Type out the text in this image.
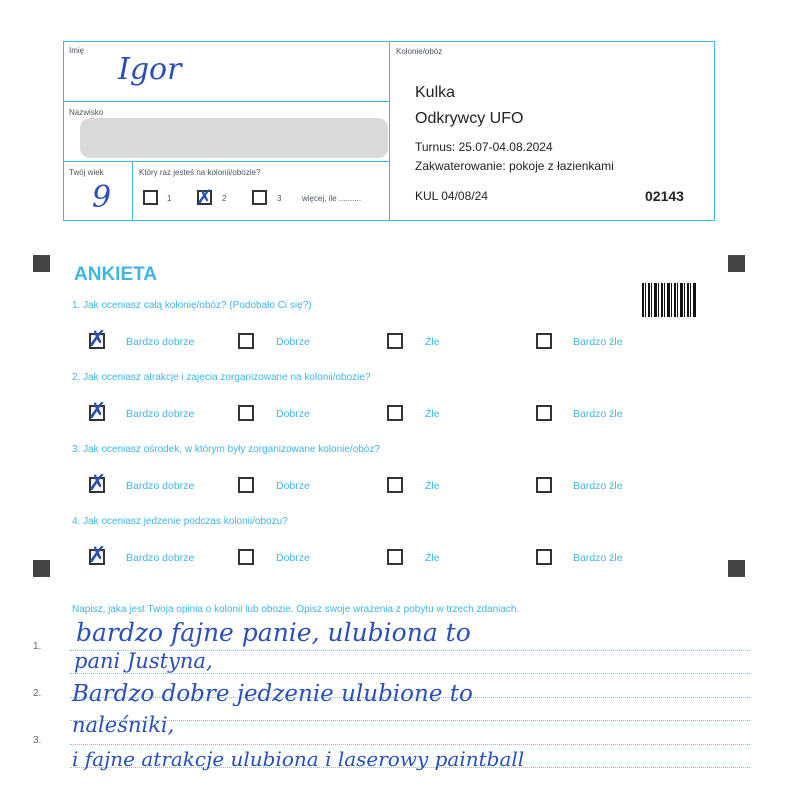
Imię
Igor
Nazwisko
Twój wiek
9
Który raz jesteś na kolonii/obozie?
1 ✗ 2	3	więcej, ile ..........
Kolonie/obóz
Kulka
Odkrywcy UFO
Turnus: 25.07-04.08.2024
Zakwaterowanie: pokoje z łazienkami
KUL 04/08/24	02143
ANKIETA
1. Jak oceniasz całą kolonię/obóz? (Podobało Ci się?)
✗ Bardzo dobrze	Dobrze	Źle	Bardzo źle
2. Jak oceniasz atrakcje i zajęcia zorganizowane na kolonii/obozie?
✗ Bardzo dobrze	Dobrze	Źle	Bardzo źle
3. Jak oceniasz ośrodek, w którym były zorganizowane kolonie/obóz?
✗ Bardzo dobrze	Dobrze	Źle	Bardzo źle
4. Jak oceniasz jedzenie podczas kolonii/obozu?
✗ Bardzo dobrze	Dobrze	Źle	Bardzo źle
Napisz, jaka jest Twoja opinia o kolonii lub obozie. Opisz swoje wrażenia z pobytu w trzech zdaniach.
1.
2.
3.
bardzo fajne panie, ulubiona to
pani Justyna,
Bardzo dobre jedzenie ulubione to
naleśniki,
i fajne atrakcje ulubiona i laserowy paintball
